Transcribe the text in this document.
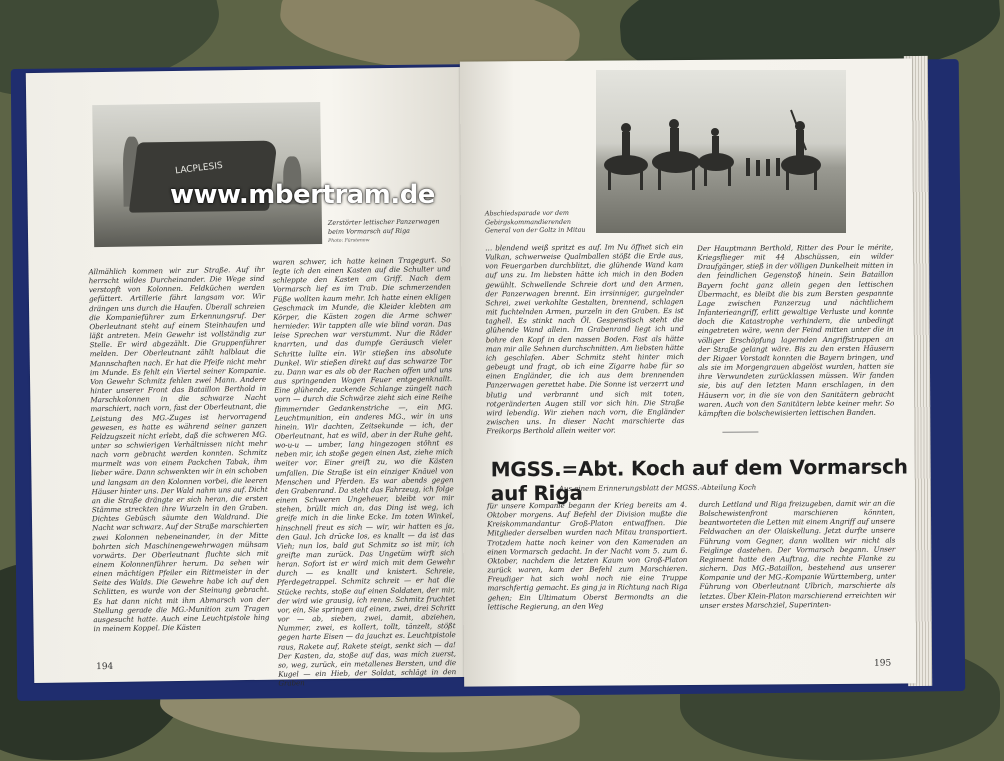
LACPLESIS
Zerstörter lettischer Panzerwagen beim Vormarsch auf Riga
Photo: Fürstenow
Allmählich kommen wir zur Straße. Auf ihr herrscht wildes Durcheinander. Die Wege sind verstopft von Kolonnen. Feldküchen werden gefüttert. Artillerie fährt langsam vor. Wir drängen uns durch die Haufen. Überall schreien die Kompanieführer zum Erkennungsruf. Der Oberleutnant steht auf einem Steinhaufen und läßt antreten. Mein Gewehr ist vollständig zur Stelle. Er wird abgezählt. Die Gruppenführer melden. Der Oberleutnant zählt halblaut die Mannschaften nach. Er hat die Pfeife nicht mehr im Munde. Es fehlt ein Viertel seiner Kompanie. Von Gewehr Schmitz fehlen zwei Mann. Andere hinter unserer Front das Bataillon Berthold in Marschkolonnen in die schwarze Nacht marschiert, nach vorn, fast der Oberleutnant, die Leistung des MG.-Zuges ist hervorragend gewesen, es hatte es während seiner ganzen Feldzugszeit nicht erlebt, daß die schweren MG. unter so schwierigen Verhältnissen nicht mehr nach vorn gebracht werden konnten. Schmitz murmelt was von einem Packchen Tabak, ihm lieber wäre. Dann schwenkten wir in ein schoben und langsam an den Kolonnen vorbei, die leeren Häuser hinter uns. Der Wald nahm uns auf. Dicht an die Straße drängte er sich heran, die ersten Stämme streckten ihre Wurzeln in den Graben. Dichtes Gebüsch säumte den Waldrand. Die Nacht war schwarz. Auf der Straße marschierten zwei Kolonnen nebeneinander, in der Mitte bohrten sich Maschinengewehrwagen mühsam vorwärts. Der Oberleutnant fluchte sich mit einem Kolonnenführer herum. Da sehen wir einen mächtigen Pfeiler ein Rittmeister in der Seite des Walds. Die Gewehre habe ich auf den Schlitten, es wurde von der Steinung gebracht. Es hat dann nicht mit ihm Abmarsch von der Stellung gerade die MG.-Munition zum Tragen ausgesucht hatte. Auch eine Leuchtpistole hing in meinem Koppel. Die Kästen
waren schwer, ich hatte keinen Tragegurt. So legte ich den einen Kasten auf die Schulter und schleppte den Kasten am Griff. Nach dem Vormarsch lief es im Trab. Die schmerzenden Füße wollten kaum mehr. Ich hatte einen ekligen Geschmack im Munde, die Kleider klebten am Körper, die Kästen zogen die Arme schwer hernieder. Wir tappten alle wie blind voran. Das leise Sprechen war verstummt. Nur die Räder knarrten, und das dumpfe Geräusch vieler Schritte lullte ein. Wir stießen ins absolute Dunkel. Wir stießen direkt auf das schwarze Tor zu. Dann war es als ob der Rachen offen und uns aus springenden Wogen Feuer entgegenknallt. Eine glühende, zuckende Schlange züngelt nach vorn — durch die Schwärze zieht sich eine Reihe flimmernder Gedankenstriche —, ein MG. Leuchtmunition, ein anderes MG., wir in uns hinein. Wir dachten, Zeitsekunde — ich, der Oberleutnant, hat es wild, aber in der Ruhe geht, wo‑u‑u — umber, lang hingezogen stöhnt es neben mir, ich stoße gegen einen Ast, ziehe mich weiter vor. Einer greift zu, wo die Kästen umfallen. Die Straße ist ein einziger Knäuel von Menschen und Pferden. Es war abends gegen den Grabenrand. Da steht das Fahrzeug, ich folge einem Schweren Ungeheuer, bleibt vor mir stehen, brüllt mich an, das Ding ist weg, ich greife mich in die linke Ecke. Im toten Winkel, hinschnell freut es sich — wir, wir hatten es ja, den Gaul. Ich drücke los, es knallt — da ist das Vieh; nun los, bald gut Schmitz so ist mir, ich greifte man zurück. Das Ungetüm wirft sich heran. Sofort ist er wird mich mit dem Gewehr durch — es knallt und knistert. Schreie, Pferdegetrappel. Schmitz schreit — er hat die Stücke rechts, stoße auf einen Soldaten, der mir, der wird wie grausig, ich renne. Schmitz fruchtet vor, ein, Sie springen auf einen, zwei, drei Schritt vor — ab, sieben, zwei, damit, abziehen, Nummer, zwei, es kollert, tollt, tänzelt, stößt gegen harte Eisen — da jauchzt es. Leuchtpistole raus, Rakete auf, Rakete steigt, senkt sich — da! Der Kasten, da, stoße auf das, was mich zuerst, so, weg, zurück, ein metallenes Bersten, und die Kugel — ein Hieb, der Soldat, schlägt in den Graben
194
Abschiedsparade vor dem Gebirgskommandierenden General von der Goltz in Mitau
… blendend weiß spritzt es auf. Im Nu öffnet sich ein Vulkan, schwerweise Qualmballen stößt die Erde aus, von Feuergarben durchblitzt, die glühende Wand kam auf uns zu. Im liebsten hätte ich mich in den Boden gewühlt. Schwellende Schreie dort und den Armen, der Panzerwagen brennt. Ein irrsinniger, gurgelnder Schrei, zwei verkohlte Gestalten, brennend, schlagen mit fuchtelnden Armen, purzeln in den Graben. Es ist taghell. Es stinkt nach Öl. Gespenstisch steht die glühende Wand allein. Im Grabenrand liegt ich und bohre den Kopf in den nassen Boden. Fast als hätte man mir alle Sehnen durchschnitten. Am liebsten hätte ich geschlafen. Aber Schmitz steht hinter mich gebeugt und fragt, ob ich eine Zigarre habe für so einen Engländer, die ich aus dem brennenden Panzerwagen gerettet habe. Die Sonne ist verzerrt und blutig und verbrannt und sich mit toten, rotgeränderten Augen still vor sich hin. Die Straße wird lebendig. Wir ziehen nach vorn, die Engländer zwischen uns. In dieser Nacht marschierte das Freikorps Berthold allein weiter vor.
Der Hauptmann Berthold, Ritter des Pour le mérite, Kriegsflieger mit 44 Abschüssen, ein wilder Draufgänger, stieß in der völligen Dunkelheit mitten in den feindlichen Gegenstoß hinein. Sein Bataillon Bayern focht ganz allein gegen den lettischen Übermacht, es bleibt die bis zum Bersten gespannte Lage zwischen Panzerzug und nächtlichem Infanterieangriff, erlitt gewaltige Verluste und konnte doch die Katastrophe verhindern, die unbedingt eingetreten wäre, wenn der Feind mitten unter die in völliger Erschöpfung lagernden Angriffstruppen an der Straße gelangt wäre. Bis zu den ersten Häusern der Rigaer Vorstadt konnten die Bayern bringen, und als sie im Morgengrauen abgelöst wurden, hatten sie ihre Verwundeten zurücklassen müssen. Wir fanden sie, bis auf den letzten Mann erschlagen, in den Häusern vor, in die sie von den Sanitätern gebracht waren. Auch von den Sanitätern lebte keiner mehr. So kämpften die bolschewisierten lettischen Banden.
MGSS.=Abt. Koch auf dem Vormarsch auf Riga
Aus einem Erinnerungsblatt der MGSS.-Abteilung Koch
für unsere Kompanie begann der Krieg bereits am 4. Oktober morgens. Auf Befehl der Division mußte die Kreiskommandantur Groß-Platon entwaffnen. Die Mitglieder derselben wurden nach Mitau transportiert. Trotzdem hatte noch keiner von den Kameraden an einen Vormarsch gedacht. In der Nacht vom 5. zum 6. Oktober, nachdem die letzten Kaum von Groß-Platon zurück waren, kam der Befehl zum Marschieren. Freudiger hat sich wohl noch nie eine Truppe marschfertig gemacht. Es ging ja in Richtung nach Riga gehen; Ein Ultimatum Oberst Bermondts an die lettische Regierung, an den Weg
durch Lettland und Riga freizugeben, damit wir an die Bolschewistenfront marschieren könnten, beantworteten die Letten mit einem Angriff auf unsere Feldwachen an der Olaiskellung. Jetzt durfte unsere Führung vom Gegner, dann wollten wir nicht als Feiglinge dastehen. Der Vormarsch begann. Unser Regiment hatte den Auftrag, die rechte Flanke zu sichern. Das MG.-Bataillon, bestehend aus unserer Kompanie und der MG.-Kompanie Württemberg, unter Führung von Oberleutnant Ulbrich, marschierte als letztes. Über Klein-Platon marschierend erreichten wir unser erstes Marschziel, Superinten-
195
www.mbertram.de
